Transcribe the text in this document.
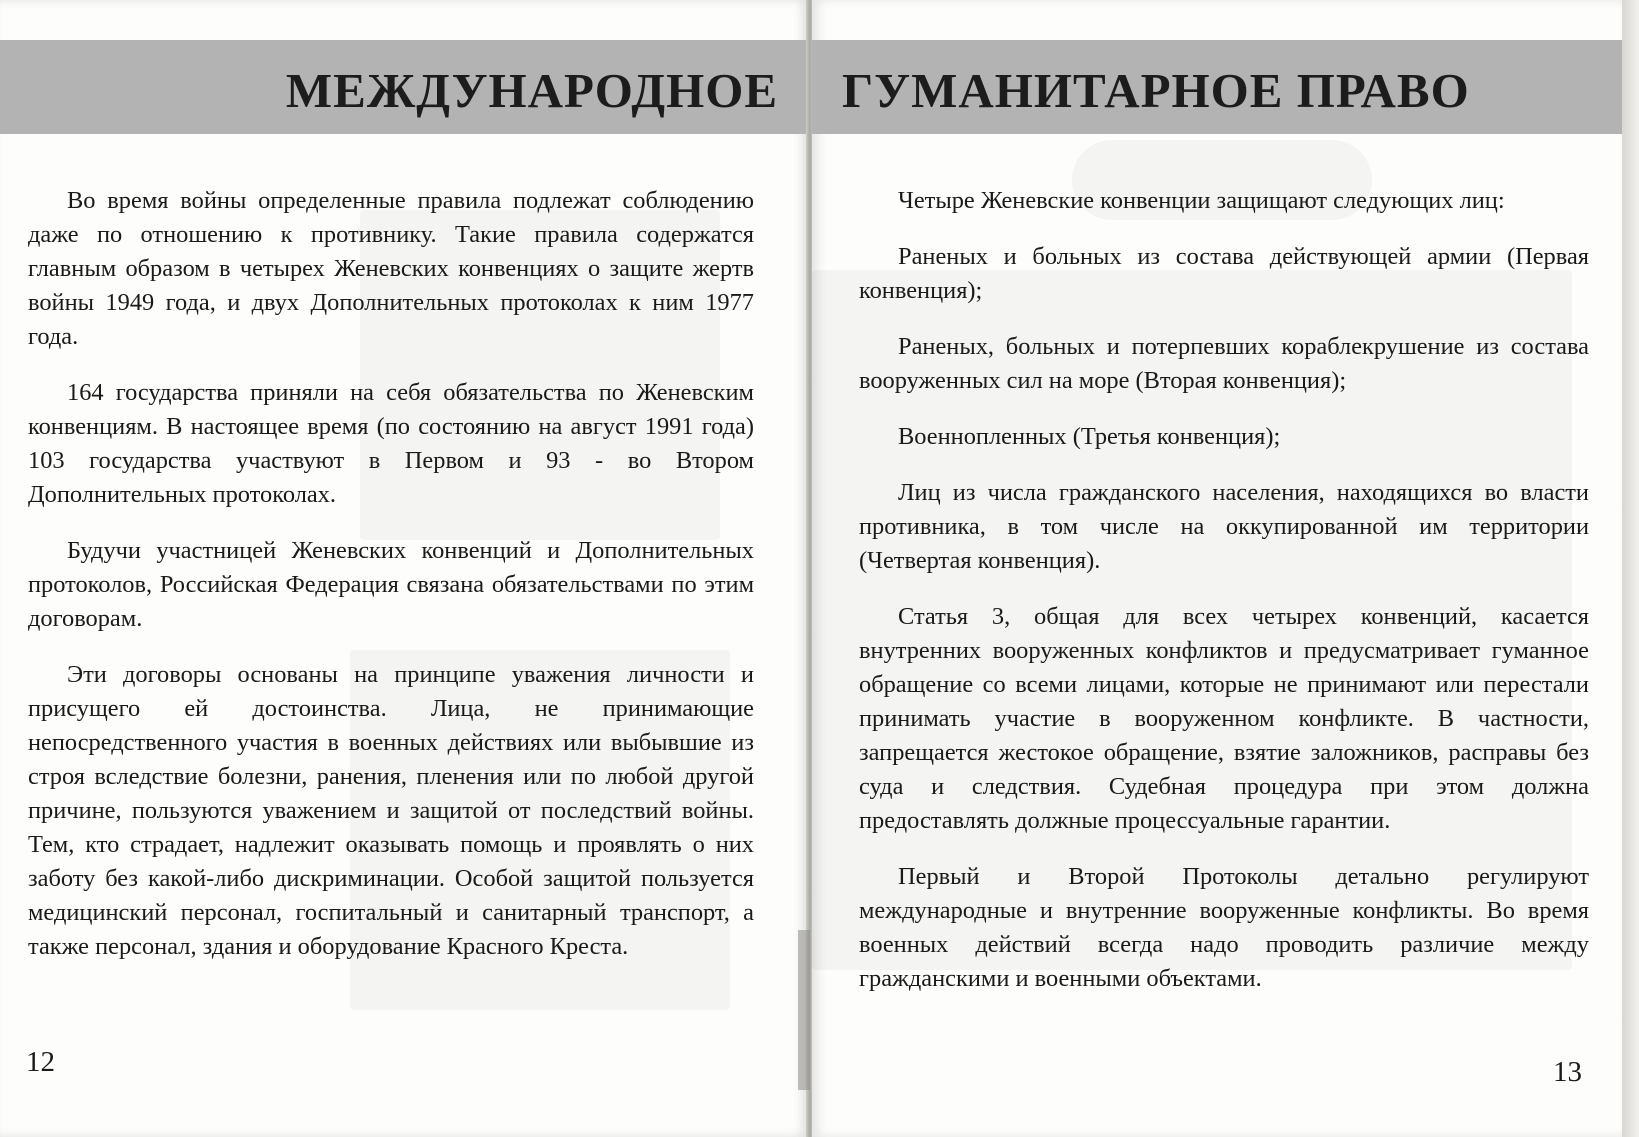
МЕЖДУНАРОДНОЕ

Во время войны определенные правила подлежат соблюдению даже по отношению к противнику. Такие правила содержатся главным образом в четырех Женевских конвенциях о защите жертв войны 1949 года, и двух Дополнительных протоколах к ним 1977 года.

164 государства приняли на себя обязательства по Женевским конвенциям. В настоящее время (по состоянию на август 1991 года) 103 государства участвуют в Первом и 93 - во Втором Дополнительных протоколах.

Будучи участницей Женевских конвенций и Дополнительных протоколов, Российская Федерация связана обязательствами по этим договорам.

Эти договоры основаны на принципе уважения личности и присущего ей достоинства. Лица, не принимающие непосредственного участия в военных действиях или выбывшие из строя вследствие болезни, ранения, пленения или по любой другой причине, пользуются уважением и защитой от последствий войны. Тем, кто страдает, надлежит оказывать помощь и проявлять о них заботу без какой-либо дискриминации. Особой защитой пользуется медицинский персонал, госпитальный и санитарный транспорт, а также персонал, здания и оборудование Красного Креста.

12
ГУМАНИТАРНОЕ ПРАВО

Четыре Женевские конвенции защищают следующих лиц:

Раненых и больных из состава действующей армии (Первая конвенция);

Раненых, больных и потерпевших кораблекрушение из состава вооруженных сил на море (Вторая конвенция);

Военнопленных (Третья конвенция);

Лиц из числа гражданского населения, находящихся во власти противника, в том числе на оккупированной им территории (Четвертая конвенция).

Статья 3, общая для всех четырех конвенций, касается внутренних вооруженных конфликтов и предусматривает гуманное обращение со всеми лицами, которые не принимают или перестали принимать участие в вооруженном конфликте. В частности, запрещается жестокое обращение, взятие заложников, расправы без суда и следствия. Судебная процедура при этом должна предоставлять должные процессуальные гарантии.

Первый и Второй Протоколы детально регулируют международные и внутренние вооруженные конфликты. Во время военных действий всегда надо проводить различие между гражданскими и военными объектами.

13
